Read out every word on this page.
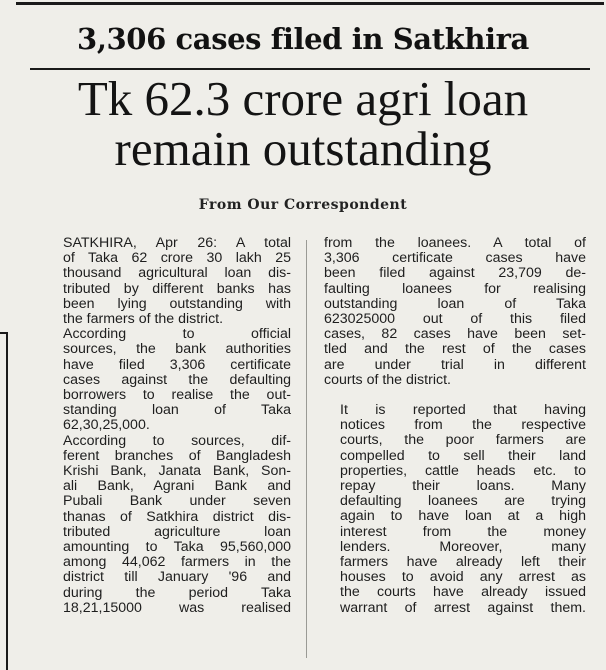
3,306 cases filed in Satkhira
Tk 62.3 crore agri loan
remain outstanding
From Our Correspondent

SATKHIRA, Apr 26: A total
of Taka 62 crore 30 lakh 25
thousand agricultural loan dis-
tributed by different banks has
been lying outstanding with
the farmers of the district.

According to official
sources, the bank authorities
have filed 3,306 certificate
cases against the defaulting
borrowers to realise the out-
standing loan of Taka
62,30,25,000.

According to sources, dif-
ferent branches of Bangladesh
Krishi Bank, Janata Bank, Son-
ali Bank, Agrani Bank and
Pubali Bank under seven
thanas of Satkhira district dis-
tributed agriculture loan
amounting to Taka 95,560,000
among 44,062 farmers in the
district till January '96 and
during the period Taka
18,21,15000 was realised

from the loanees. A total of
3,306 certificate cases have
been filed against 23,709 de-
faulting loanees for realising
outstanding loan of Taka
623025000 out of this filed
cases, 82 cases have been set-
tled and the rest of the cases
are under trial in different
courts of the district.

It is reported that having
notices from the respective
courts, the poor farmers are
compelled to sell their land
properties, cattle heads etc. to
repay their loans. Many
defaulting loanees are trying
again to have loan at a high
interest from the money
lenders. Moreover, many
farmers have already left their
houses to avoid any arrest as
the courts have already issued
warrant of arrest against them.
